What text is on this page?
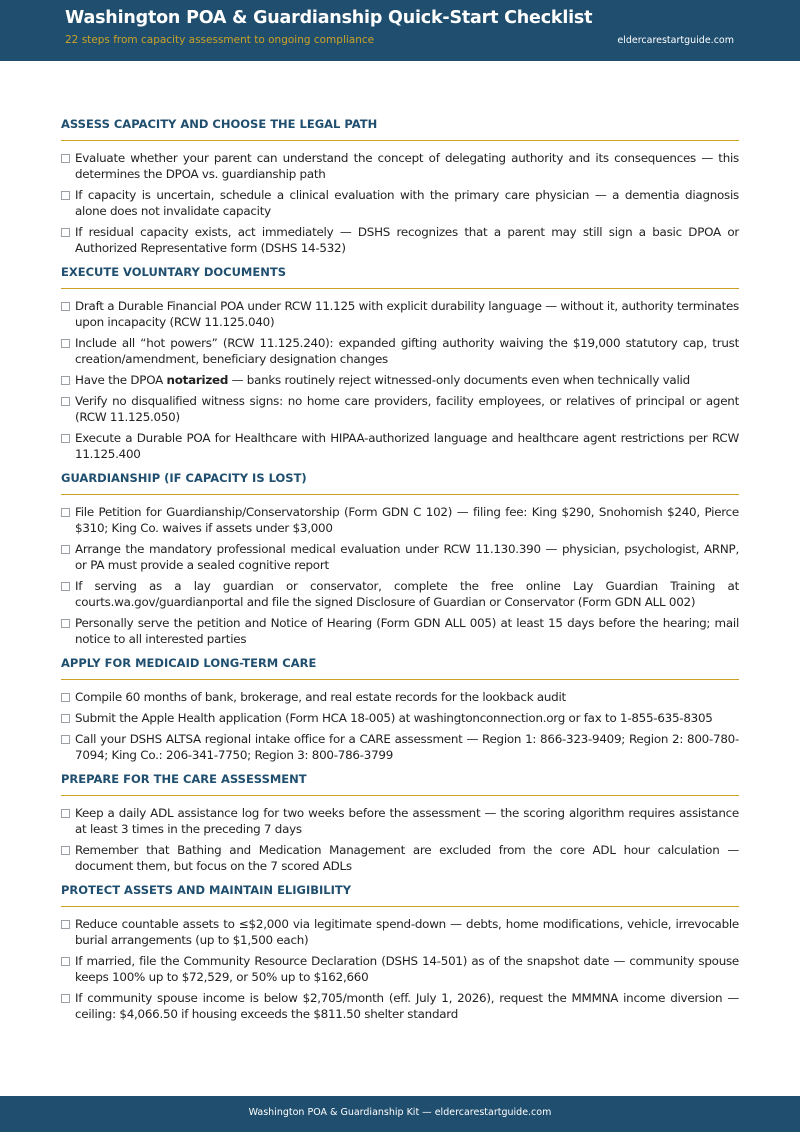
Washington POA & Guardianship Quick-Start Checklist
22 steps from capacity assessment to ongoing compliance	eldercarestartguide.com
ASSESS CAPACITY AND CHOOSE THE LEGAL PATH
Evaluate whether your parent can understand the concept of delegating authority and its consequences — this determines the DPOA vs. guardianship path
If capacity is uncertain, schedule a clinical evaluation with the primary care physician — a dementia diagnosis alone does not invalidate capacity
If residual capacity exists, act immediately — DSHS recognizes that a parent may still sign a basic DPOA or Authorized Representative form (DSHS 14-532)
EXECUTE VOLUNTARY DOCUMENTS
Draft a Durable Financial POA under RCW 11.125 with explicit durability language — without it, authority terminates upon incapacity (RCW 11.125.040)
Include all “hot powers” (RCW 11.125.240): expanded gifting authority waiving the $19,000 statutory cap, trust creation/amendment, beneficiary designation changes
Have the DPOA notarized — banks routinely reject witnessed-only documents even when technically valid
Verify no disqualified witness signs: no home care providers, facility employees, or relatives of principal or agent (RCW 11.125.050)
Execute a Durable POA for Healthcare with HIPAA-authorized language and healthcare agent restrictions per RCW 11.125.400
GUARDIANSHIP (IF CAPACITY IS LOST)
File Petition for Guardianship/Conservatorship (Form GDN C 102) — filing fee: King $290, Snohomish $240, Pierce $310; King Co. waives if assets under $3,000
Arrange the mandatory professional medical evaluation under RCW 11.130.390 — physician, psychologist, ARNP, or PA must provide a sealed cognitive report
If serving as a lay guardian or conservator, complete the free online Lay Guardian Training at courts.wa.gov/guardianportal and file the signed Disclosure of Guardian or Conservator (Form GDN ALL 002)
Personally serve the petition and Notice of Hearing (Form GDN ALL 005) at least 15 days before the hearing; mail notice to all interested parties
APPLY FOR MEDICAID LONG-TERM CARE
Compile 60 months of bank, brokerage, and real estate records for the lookback audit
Submit the Apple Health application (Form HCA 18-005) at washingtonconnection.org or fax to 1-855-635-8305
Call your DSHS ALTSA regional intake office for a CARE assessment — Region 1: 866-323-9409; Region 2: 800-780-7094; King Co.: 206-341-7750; Region 3: 800-786-3799
PREPARE FOR THE CARE ASSESSMENT
Keep a daily ADL assistance log for two weeks before the assessment — the scoring algorithm requires assistance at least 3 times in the preceding 7 days
Remember that Bathing and Medication Management are excluded from the core ADL hour calculation — document them, but focus on the 7 scored ADLs
PROTECT ASSETS AND MAINTAIN ELIGIBILITY
Reduce countable assets to ≤$2,000 via legitimate spend-down — debts, home modifications, vehicle, irrevocable burial arrangements (up to $1,500 each)
If married, file the Community Resource Declaration (DSHS 14-501) as of the snapshot date — community spouse keeps 100% up to $72,529, or 50% up to $162,660
If community spouse income is below $2,705/month (eff. July 1, 2026), request the MMMNA income diversion — ceiling: $4,066.50 if housing exceeds the $811.50 shelter standard
Washington POA & Guardianship Kit — eldercarestartguide.com
